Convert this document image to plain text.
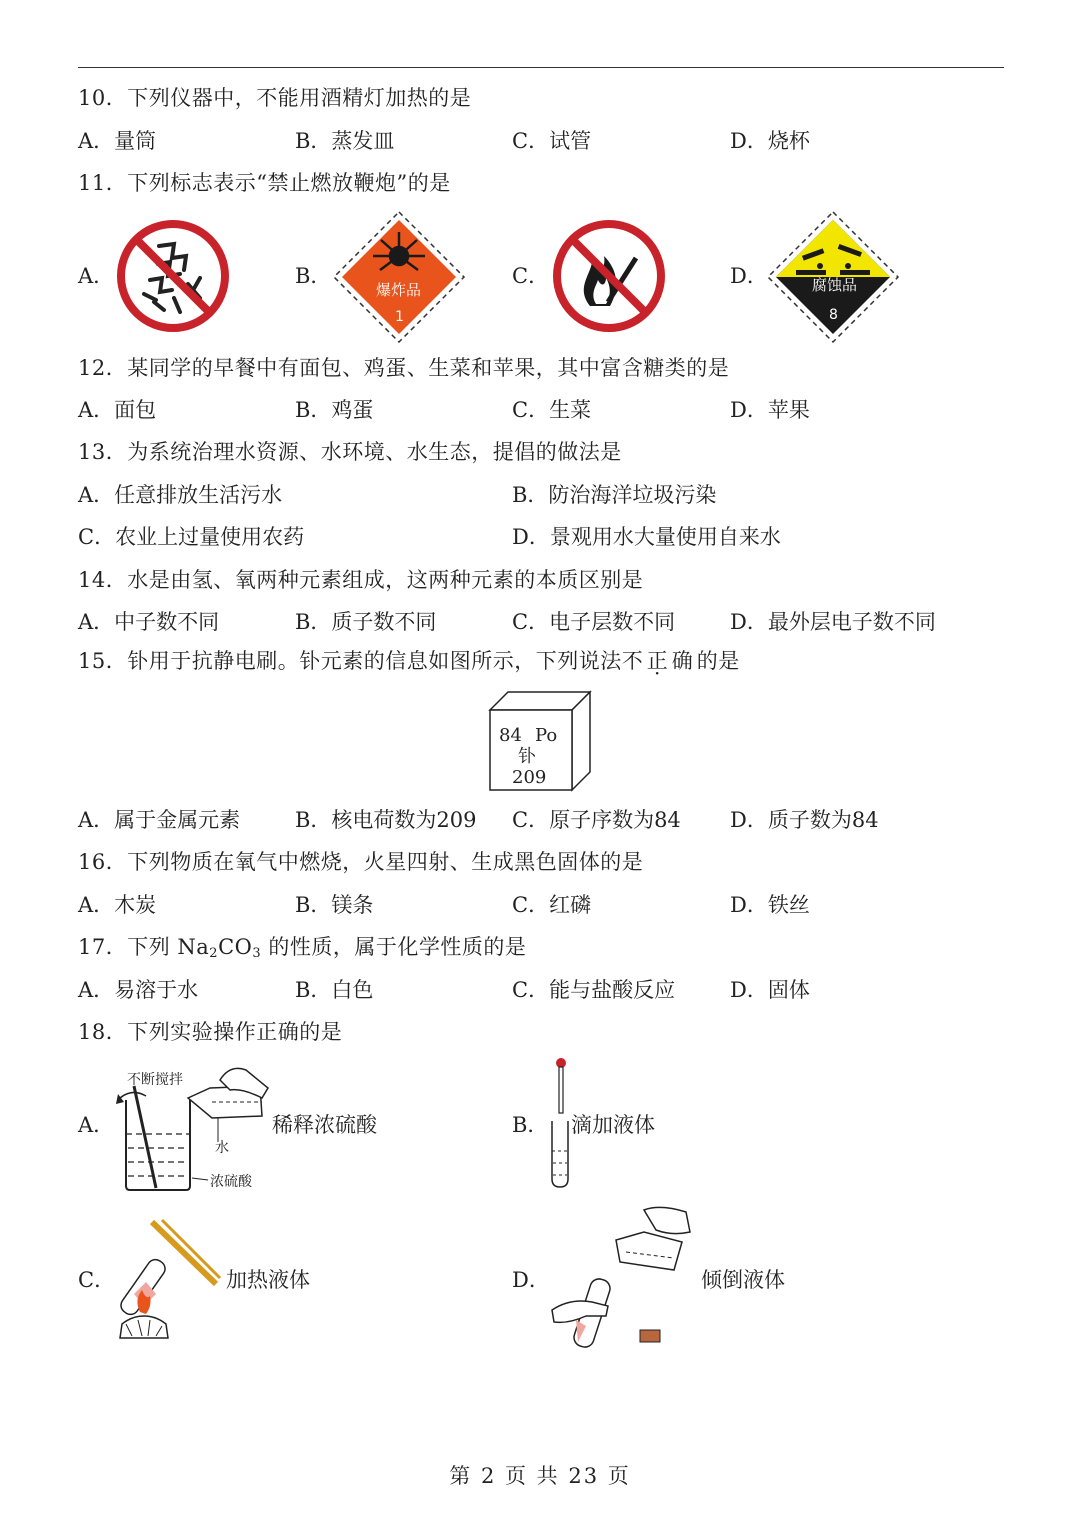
10．下列仪器中，不能用酒精灯加热的是
A．量筒	B．蒸发皿	C．试管	D．烧杯
11．下列标志表示“禁止燃放鞭炮”的是
A．	B．	C．	D．
爆炸品
1
腐蚀品
8
12．某同学的早餐中有面包、鸡蛋、生菜和苹果，其中富含糖类的是
A．面包	B．鸡蛋	C．生菜	D．苹果
13．为系统治理水资源、水环境、水生态，提倡的做法是
A．任意排放生活污水	B．防治海洋垃圾污染
C．农业上过量使用农药	D．景观用水大量使用自来水
14．水是由氢、氧两种元素组成，这两种元素的本质区别是
A．中子数不同	B．质子数不同	C．电子层数不同	D．最外层电子数不同
15．钋用于抗静电刷。钋元素的信息如图所示，下列说法不正确的是
84 Po
钋
209
A．属于金属元素	B．核电荷数为209 C．原子序数为84 D．质子数为84
16．下列物质在氧气中燃烧，火星四射、生成黑色固体的是
A．木炭	B．镁条	C．红磷	D．铁丝
17．下列 $Na_2CO_3$ 的性质，属于化学性质的是
A．易溶于水	B．白色	C．能与盐酸反应	D．固体
18．下列实验操作正确的是
A．
不断搅拌
水
浓硫酸
稀释浓硫酸	B． 滴加液体
C．	加热液体	D．	倾倒液体
第 2 页 共 23 页
